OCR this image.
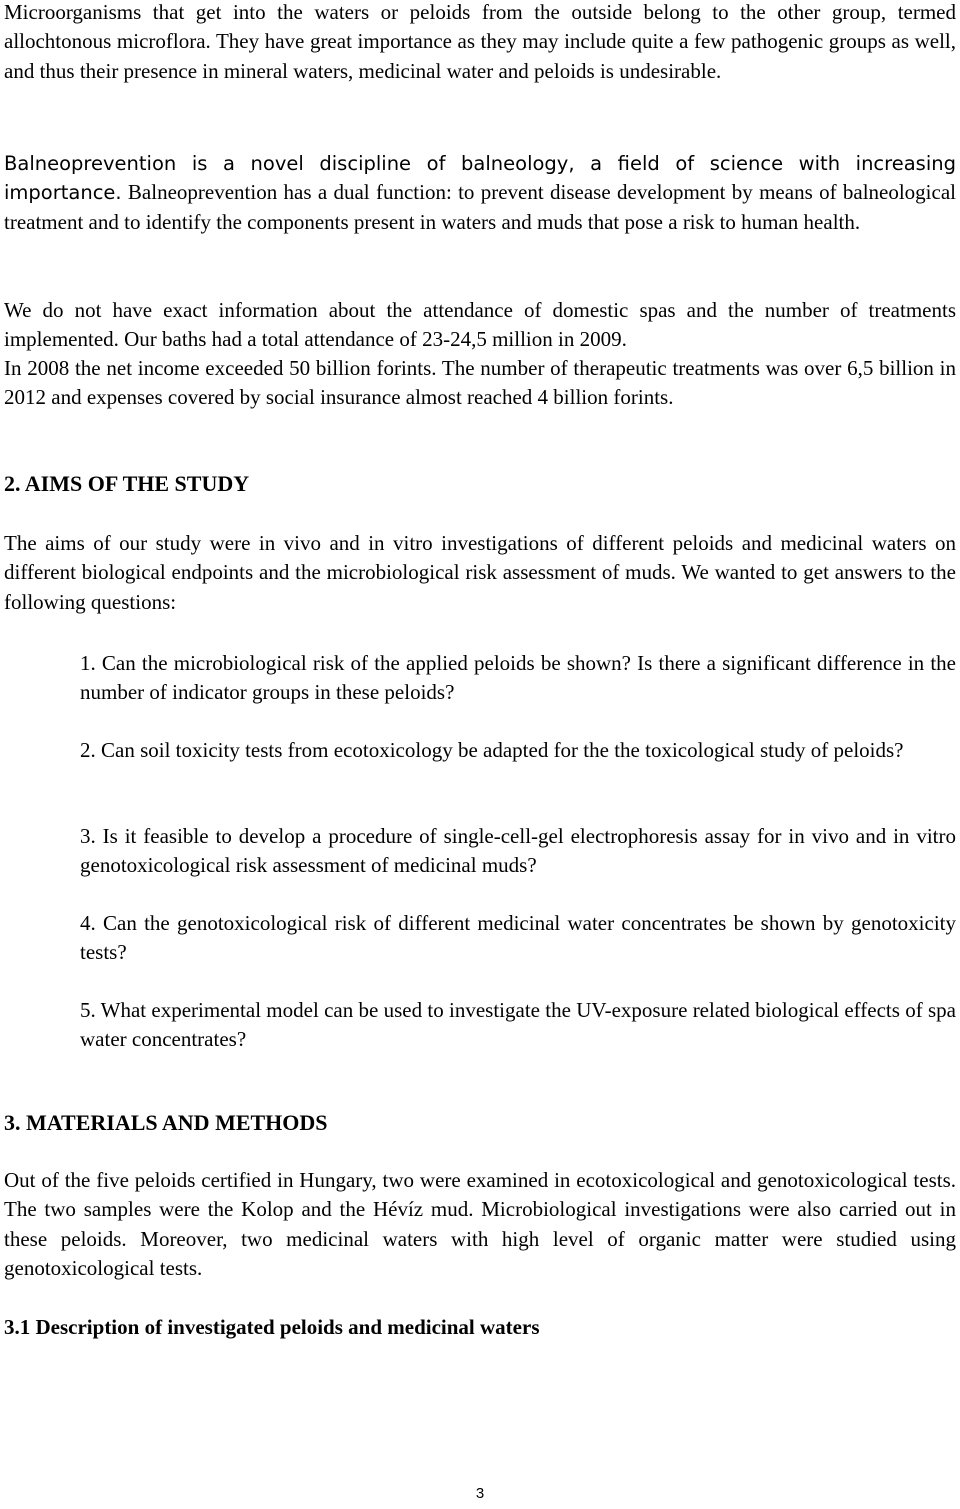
Microorganisms that get into the waters or peloids from the outside belong to the other group, termed allochtonous microflora. They have great importance as they may include quite a few pathogenic groups as well, and thus their presence in mineral waters, medicinal water and peloids is undesirable.

Balneoprevention is a novel discipline of balneology, a field of science with increasing importance. Balneoprevention has a dual function: to prevent disease development by means of balneological treatment and to identify the components present in waters and muds that pose a risk to human health.

We do not have exact information about the attendance of domestic spas and the number of treatments implemented. Our baths had a total attendance of 23-24,5 million in 2009.

In 2008 the net income exceeded 50 billion forints. The number of therapeutic treatments was over 6,5 billion in 2012 and expenses covered by social insurance almost reached 4 billion forints.

2. AIMS OF THE STUDY

The aims of our study were in vivo and in vitro investigations of different peloids and medicinal waters on different biological endpoints and the microbiological risk assessment of muds. We wanted to get answers to the following questions:

1. Can the microbiological risk of the applied peloids be shown? Is there a significant difference in the number of indicator groups in these peloids?

2. Can soil toxicity tests from ecotoxicology be adapted for the the toxicological study of peloids?

3. Is it feasible to develop a procedure of single-cell-gel electrophoresis assay for in vivo and in vitro genotoxicological risk assessment of medicinal muds?

4. Can the genotoxicological risk of different medicinal water concentrates be shown by genotoxicity tests?

5. What experimental model can be used to investigate the UV-exposure related biological effects of spa water concentrates?

3. MATERIALS AND METHODS

Out of the five peloids certified in Hungary, two were examined in ecotoxicological and genotoxicological tests. The two samples were the Kolop and the Hévíz mud. Microbiological investigations were also carried out in these peloids. Moreover, two medicinal waters with high level of organic matter were studied using genotoxicological tests.

3.1 Description of investigated peloids and medicinal waters
3
